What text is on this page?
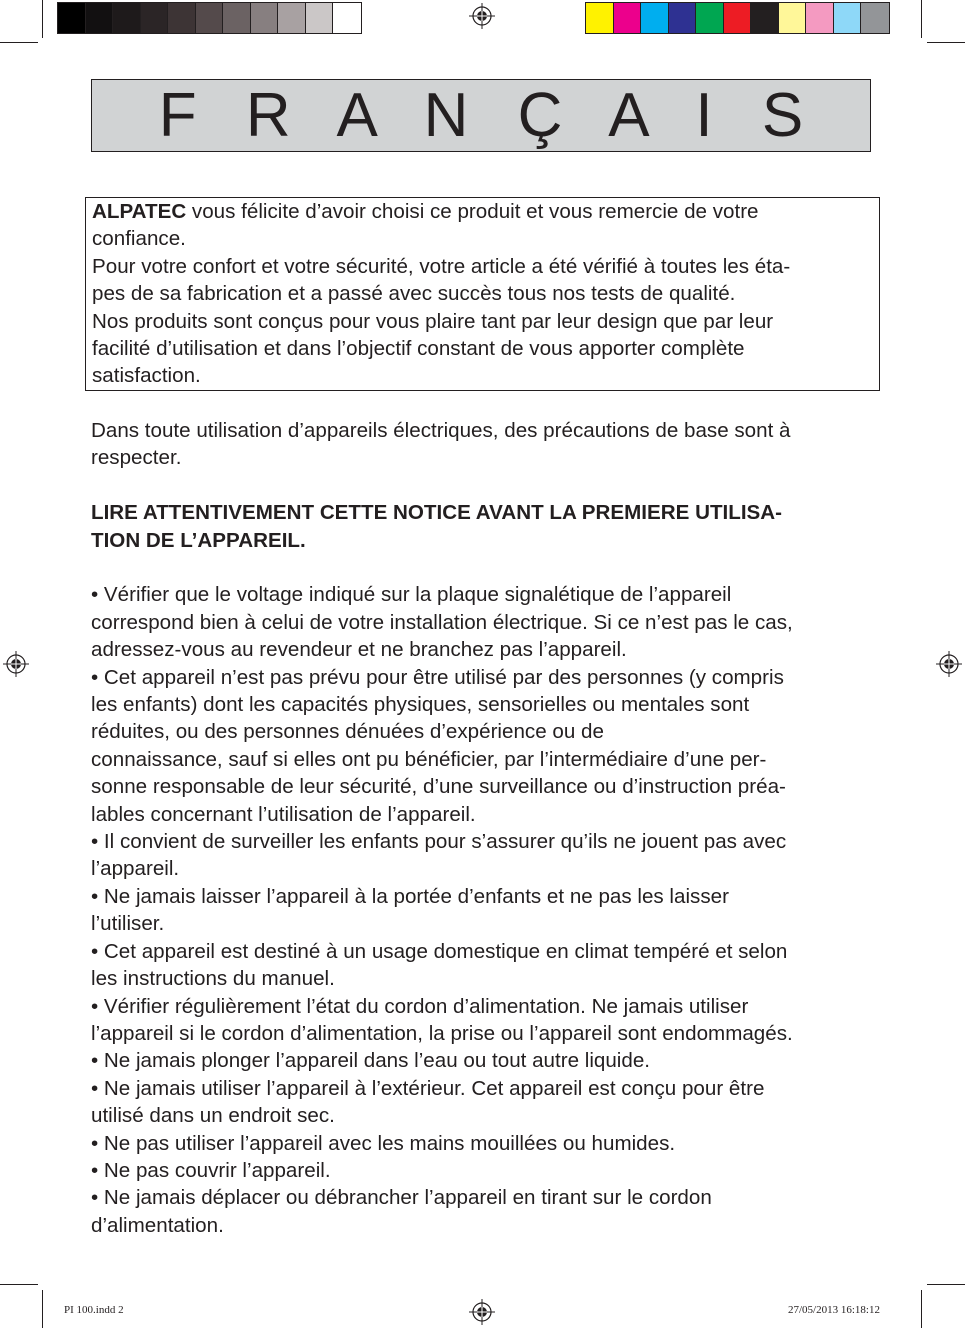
F R A N Ç A I S

ALPATEC vous félicite d’avoir choisi ce produit et vous remercie de votre

confiance.

Pour votre confort et votre sécurité, votre article a été vérifié à toutes les éta-

pes de sa fabrication et a passé avec succès tous nos tests de qualité.

Nos produits sont conçus pour vous plaire tant par leur design que par leur

facilité d’utilisation et dans l’objectif constant de vous apporter complète

satisfaction.

Dans toute utilisation d’appareils électriques, des précautions de base sont à

respecter.

LIRE ATTENTIVEMENT CETTE NOTICE AVANT LA PREMIERE UTILISA-

TION DE L’APPAREIL.

• Vérifier que le voltage indiqué sur la plaque signalétique de l’appareil

correspond bien à celui de votre installation électrique. Si ce n’est pas le cas,

adressez-vous au revendeur et ne branchez pas l’appareil.

• Cet appareil n’est pas prévu pour être utilisé par des personnes (y compris

les enfants) dont les capacités physiques, sensorielles ou mentales sont

réduites, ou des personnes dénuées d’expérience ou de

connaissance, sauf si elles ont pu bénéficier, par l’intermédiaire d’une per-

sonne responsable de leur sécurité, d’une surveillance ou d’instruction préa-

lables concernant l’utilisation de l’appareil.

• Il convient de surveiller les enfants pour s’assurer qu’ils ne jouent pas avec

l’appareil.

• Ne jamais laisser l’appareil à la portée d’enfants et ne pas les laisser

l’utiliser.

• Cet appareil est destiné à un usage domestique en climat tempéré et selon

les instructions du manuel.

• Vérifier régulièrement l’état du cordon d’alimentation. Ne jamais utiliser

l’appareil si le cordon d’alimentation, la prise ou l’appareil sont endommagés.

• Ne jamais plonger l’appareil dans l’eau ou tout autre liquide.

• Ne jamais utiliser l’appareil à l’extérieur. Cet appareil est conçu pour être

utilisé dans un endroit sec.

• Ne pas utiliser l’appareil avec les mains mouillées ou humides.

• Ne pas couvrir l’appareil.

• Ne jamais déplacer ou débrancher l’appareil en tirant sur le cordon

d’alimentation.

PI 100.indd 2	27/05/2013 16:18:12
